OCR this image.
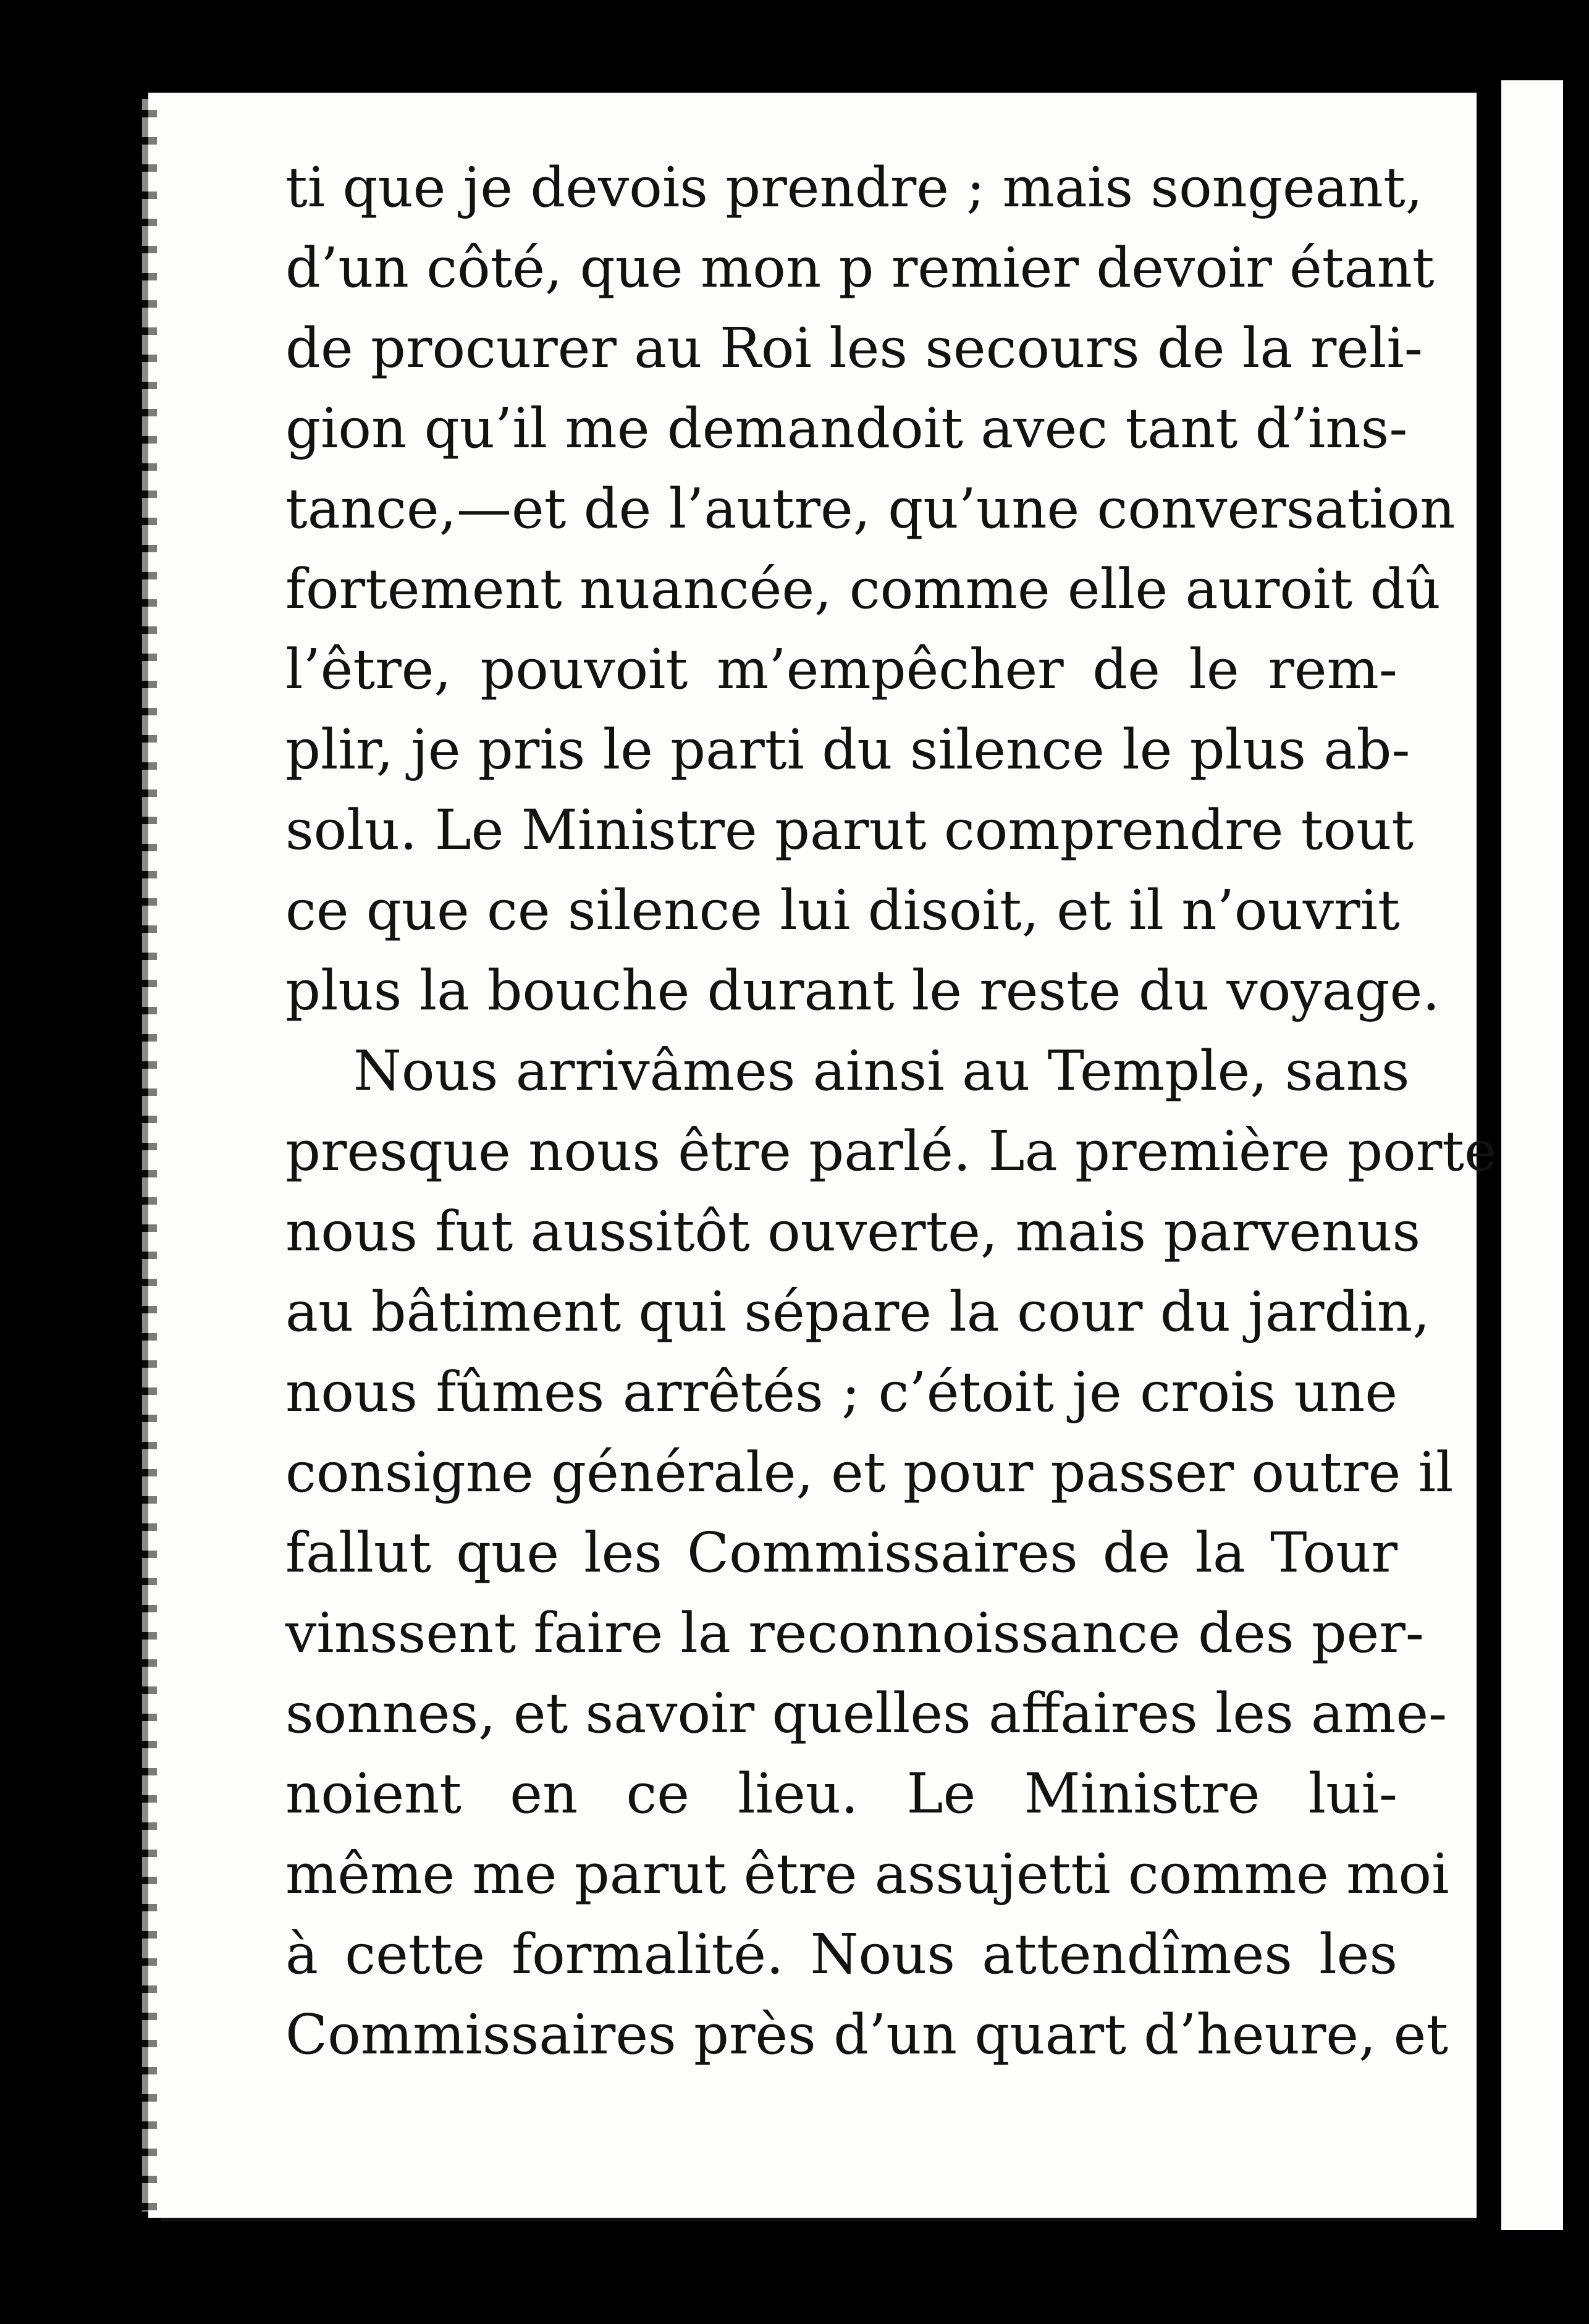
ti que je devois prendre ; mais songeant,
d’un côté, que mon p remier devoir étant
de procurer au Roi les secours de la reli-
gion qu’il me demandoit avec tant d’ins-
tance,—et de l’autre, qu’une conversation
fortement nuancée, comme elle auroit dû
l’être, pouvoit m’empêcher de le rem-
plir, je pris le parti du silence le plus ab-
solu. Le Ministre parut comprendre tout
ce que ce silence lui disoit, et il n’ouvrit
plus la bouche durant le reste du voyage.
Nous arrivâmes ainsi au Temple, sans
presque nous être parlé. La première porte
nous fut aussitôt ouverte, mais parvenus
au bâtiment qui sépare la cour du jardin,
nous fûmes arrêtés ; c’étoit je crois une
consigne générale, et pour passer outre il
fallut que les Commissaires de la Tour
vinssent faire la reconnoissance des per-
sonnes, et savoir quelles affaires les ame-
noient en ce lieu. Le Ministre lui-
même me parut être assujetti comme moi
à cette formalité. Nous attendîmes les
Commissaires près d’un quart d’heure, et
